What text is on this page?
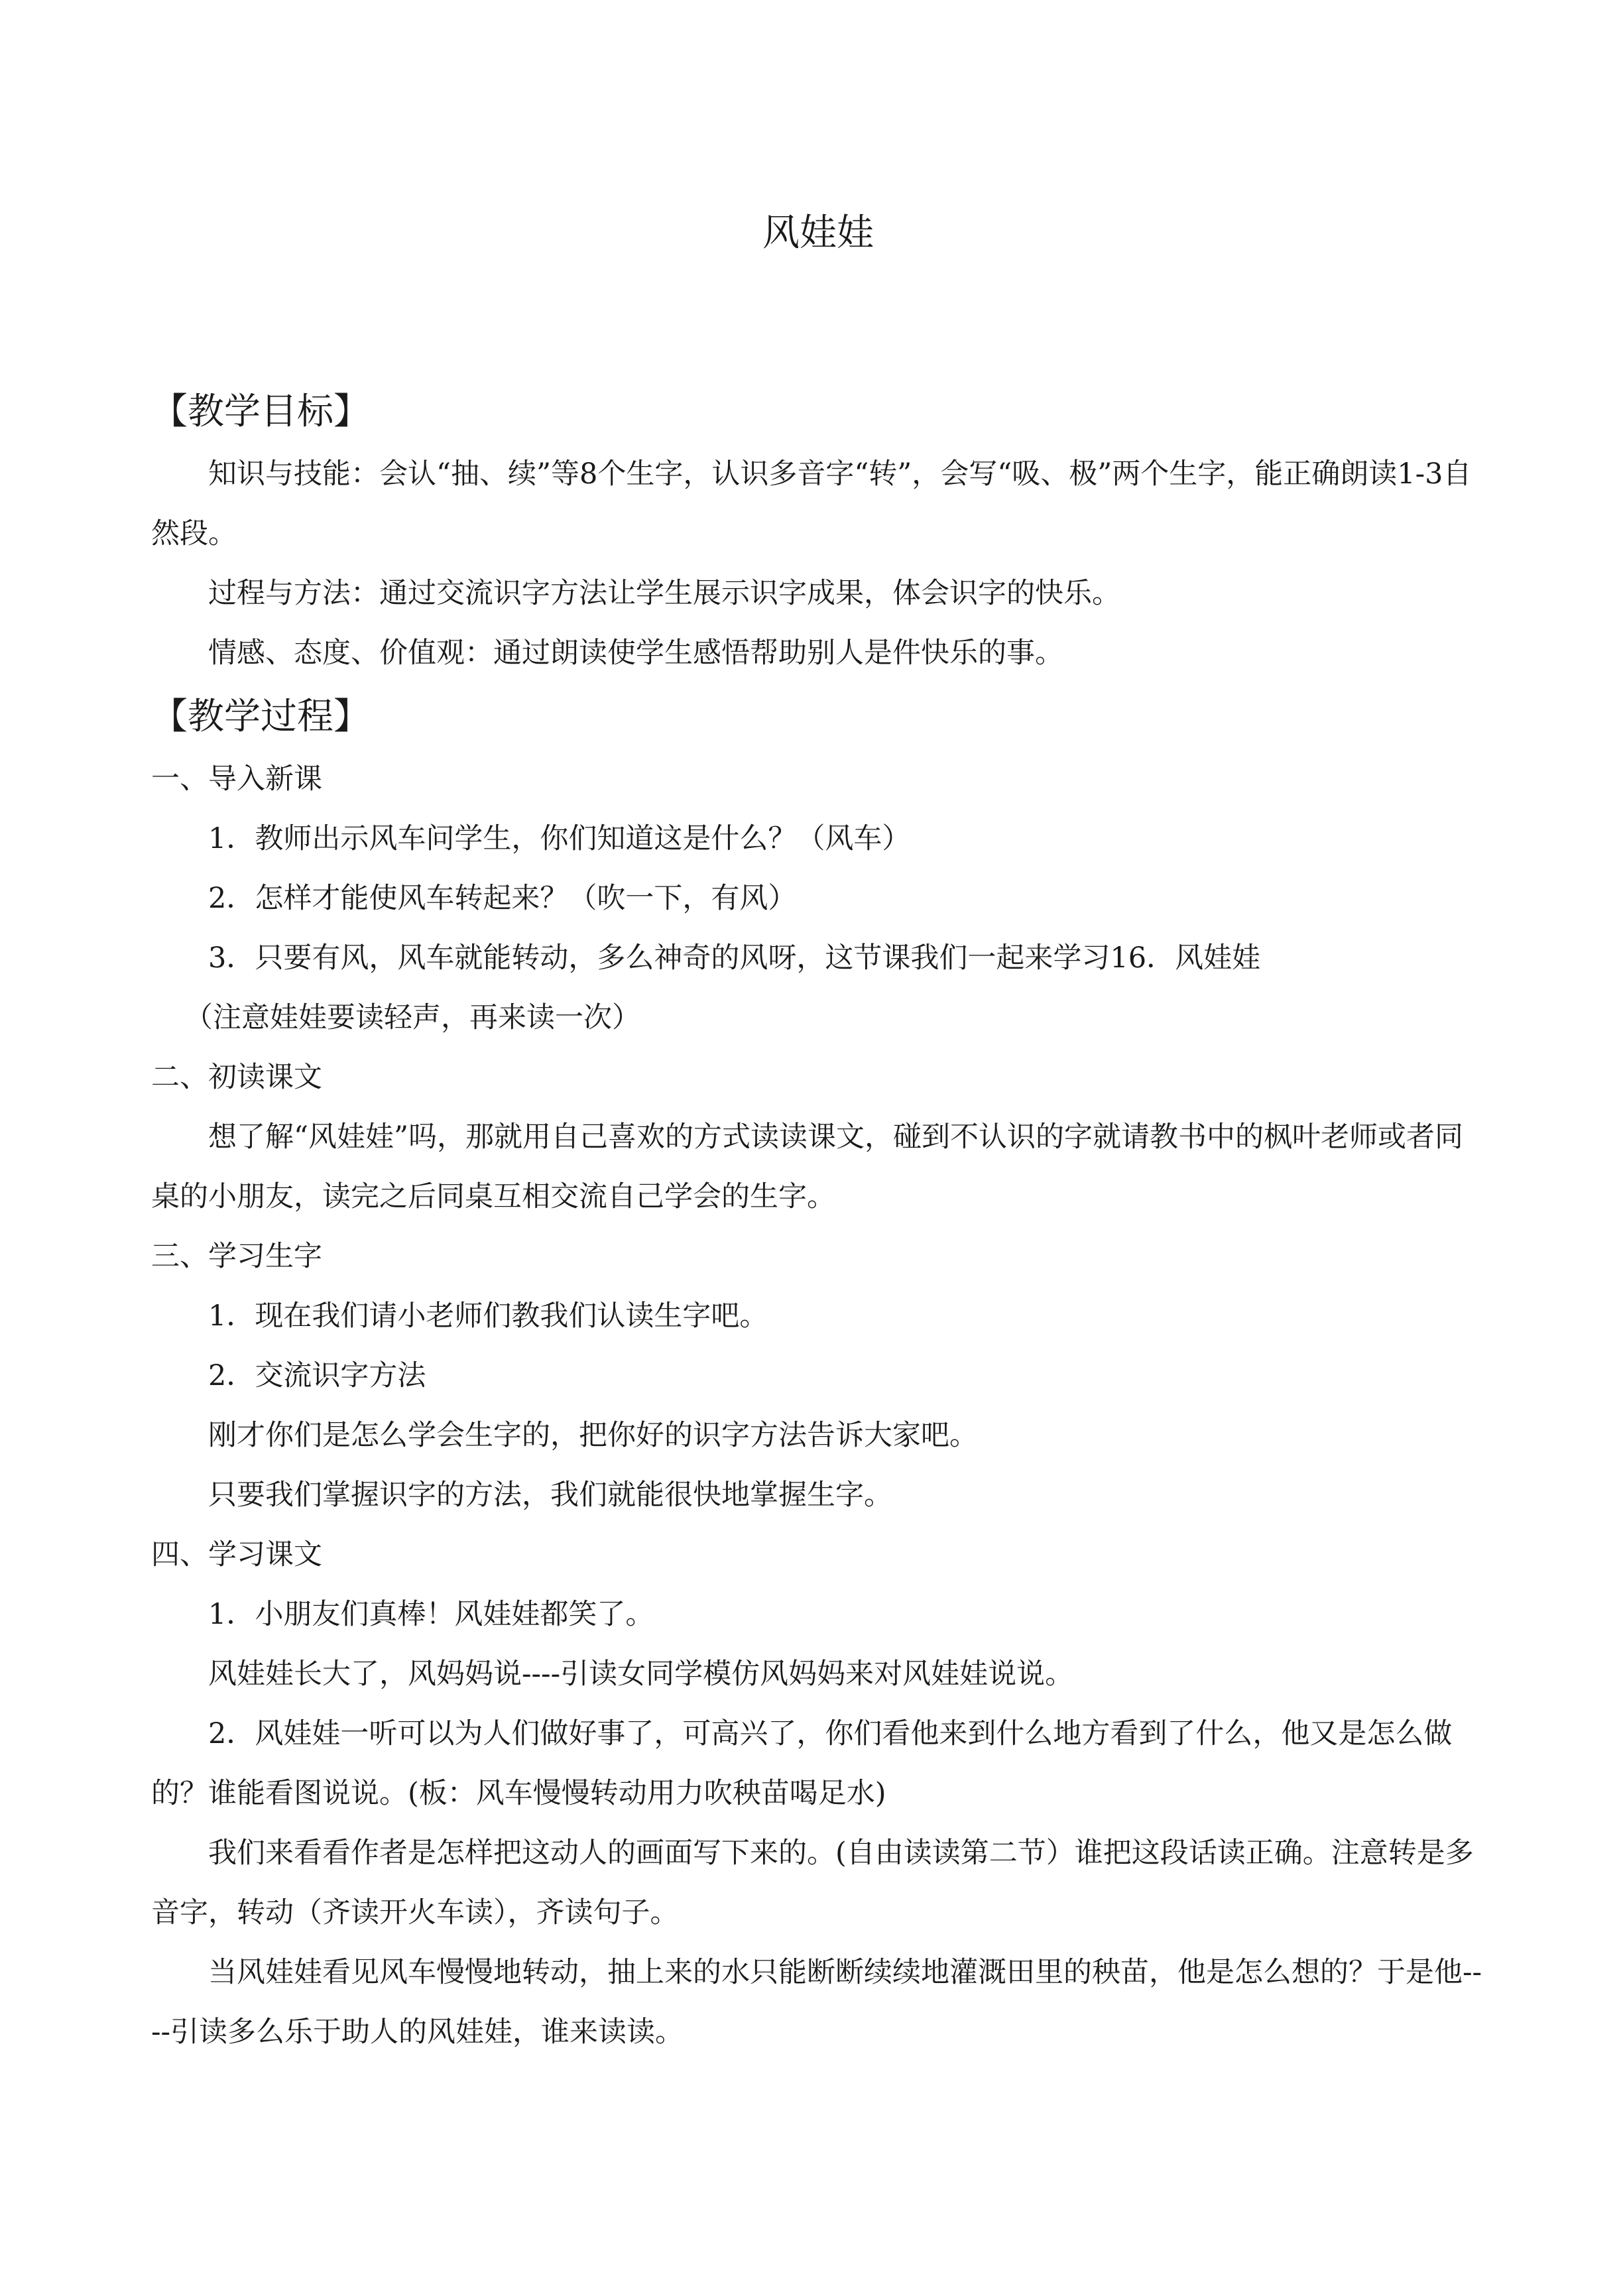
风娃娃
【教学目标】

知识与技能：会认“抽、续”等8个生字，认识多音字“转”，会写“吸、极”两个生字，能正确朗读1-3自然段。

过程与方法：通过交流识字方法让学生展示识字成果，体会识字的快乐。

情感、态度、价值观：通过朗读使学生感悟帮助别人是件快乐的事。

【教学过程】

一、导入新课

1．教师出示风车问学生，你们知道这是什么？（风车）

2．怎样才能使风车转起来？（吹一下，有风）

3．只要有风，风车就能转动，多么神奇的风呀，这节课我们一起来学习16．风娃娃

（注意娃娃要读轻声，再来读一次）

二、初读课文

想了解“风娃娃”吗，那就用自己喜欢的方式读读课文，碰到不认识的字就请教书中的枫叶老师或者同桌的小朋友，读完之后同桌互相交流自己学会的生字。

三、学习生字

1．现在我们请小老师们教我们认读生字吧。

2．交流识字方法

刚才你们是怎么学会生字的，把你好的识字方法告诉大家吧。

只要我们掌握识字的方法，我们就能很快地掌握生字。

四、学习课文

1．小朋友们真棒！风娃娃都笑了。

风娃娃长大了，风妈妈说----引读女同学模仿风妈妈来对风娃娃说说。

2．风娃娃一听可以为人们做好事了，可高兴了，你们看他来到什么地方看到了什么，他又是怎么做的？谁能看图说说。(板：风车慢慢转动用力吹秧苗喝足水)

我们来看看作者是怎样把这动人的画面写下来的。(自由读读第二节）谁把这段话读正确。注意转是多音字，转动（齐读开火车读），齐读句子。

当风娃娃看见风车慢慢地转动，抽上来的水只能断断续续地灌溉田里的秧苗，他是怎么想的？于是他----引读多么乐于助人的风娃娃，谁来读读。
